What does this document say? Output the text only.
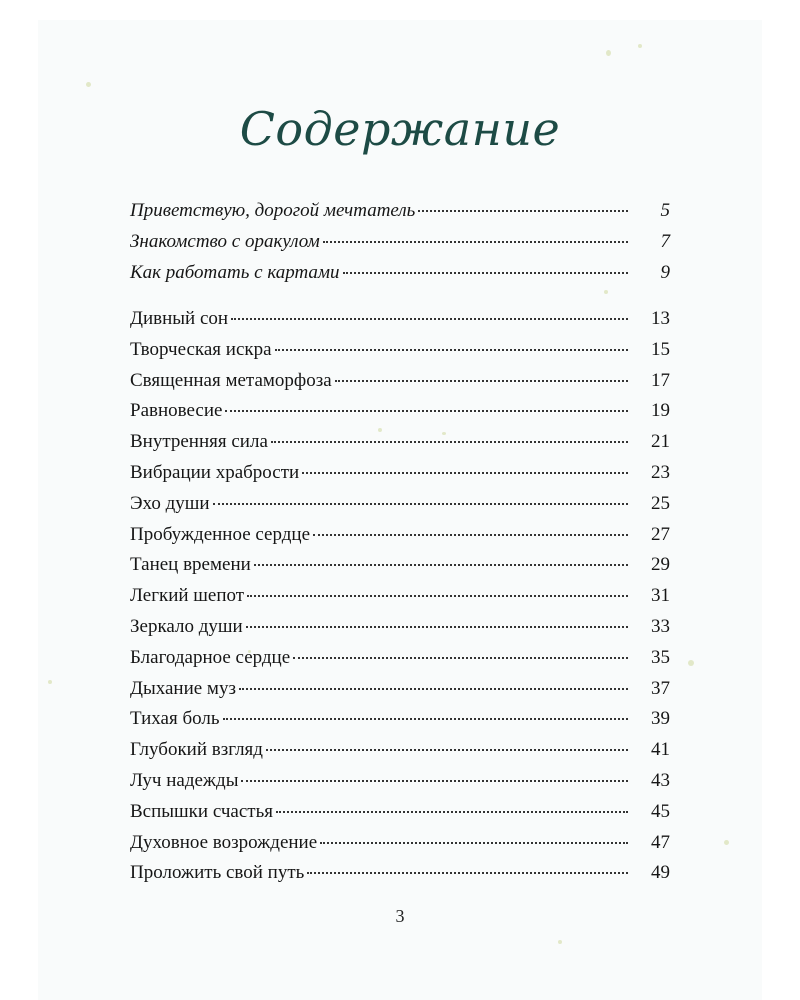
Содержание
Приветствую, дорогой мечтатель	5
Знакомство с оракулом	7
Как работать с картами	9
Дивный сон	13
Творческая искра	15
Священная метаморфоза	17
Равновесие	19
Внутренняя сила	21
Вибрации храбрости	23
Эхо души	25
Пробужденное сердце	27
Танец времени	29
Легкий шепот	31
Зеркало души	33
Благодарное сердце	35
Дыхание муз	37
Тихая боль	39
Глубокий взгляд	41
Луч надежды	43
Вспышки счастья	45
Духовное возрождение	47
Проложить свой путь	49
3
